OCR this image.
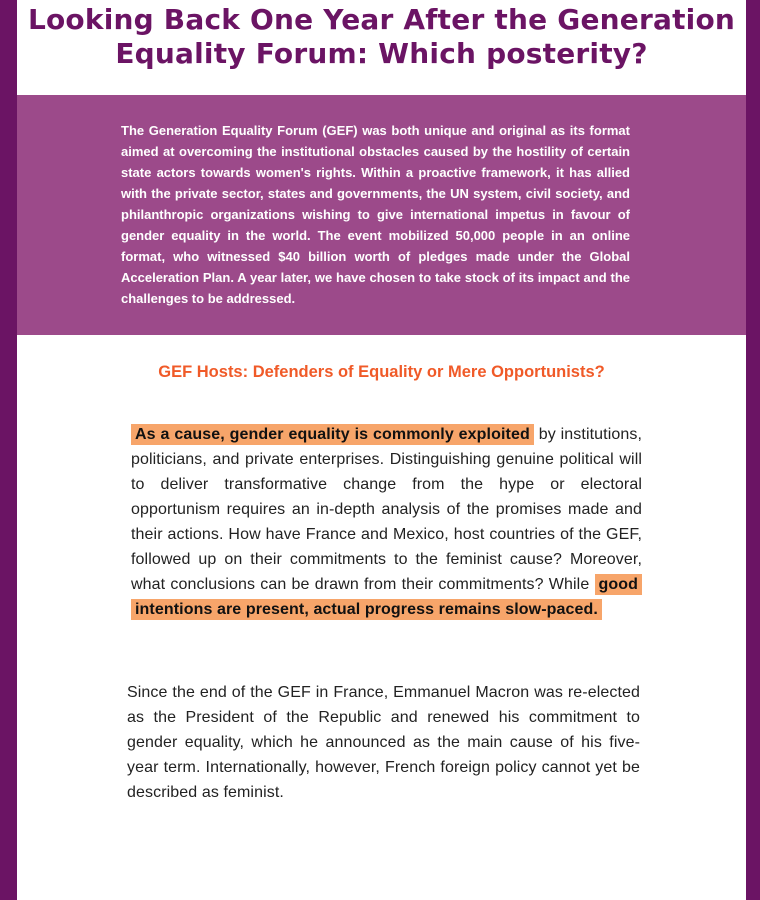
Looking Back One Year After the Generation Equality Forum: Which posterity?

The Generation Equality Forum (GEF) was both unique and original as its format aimed at overcoming the institutional obstacles caused by the hostility of certain state actors towards women's rights. Within a proactive framework, it has allied with the private sector, states and governments, the UN system, civil society, and philanthropic organizations wishing to give international impetus in favour of gender equality in the world. The event mobilized 50,000 people in an online format, who witnessed $40 billion worth of pledges made under the Global Acceleration Plan. A year later, we have chosen to take stock of its impact and the challenges to be addressed.

GEF Hosts: Defenders of Equality or Mere Opportunists?

As a cause, gender equality is commonly exploited by institutions, politicians, and private enterprises. Distinguishing genuine political will to deliver transformative change from the hype or electoral opportunism requires an in-depth analysis of the promises made and their actions. How have France and Mexico, host countries of the GEF, followed up on their commitments to the feminist cause? Moreover, what conclusions can be drawn from their commitments? While good intentions are present, actual progress remains slow-paced.

Since the end of the GEF in France, Emmanuel Macron was re-elected as the President of the Republic and renewed his commitment to gender equality, which he announced as the main cause of his five-year term. Internationally, however, French foreign policy cannot yet be described as feminist.
